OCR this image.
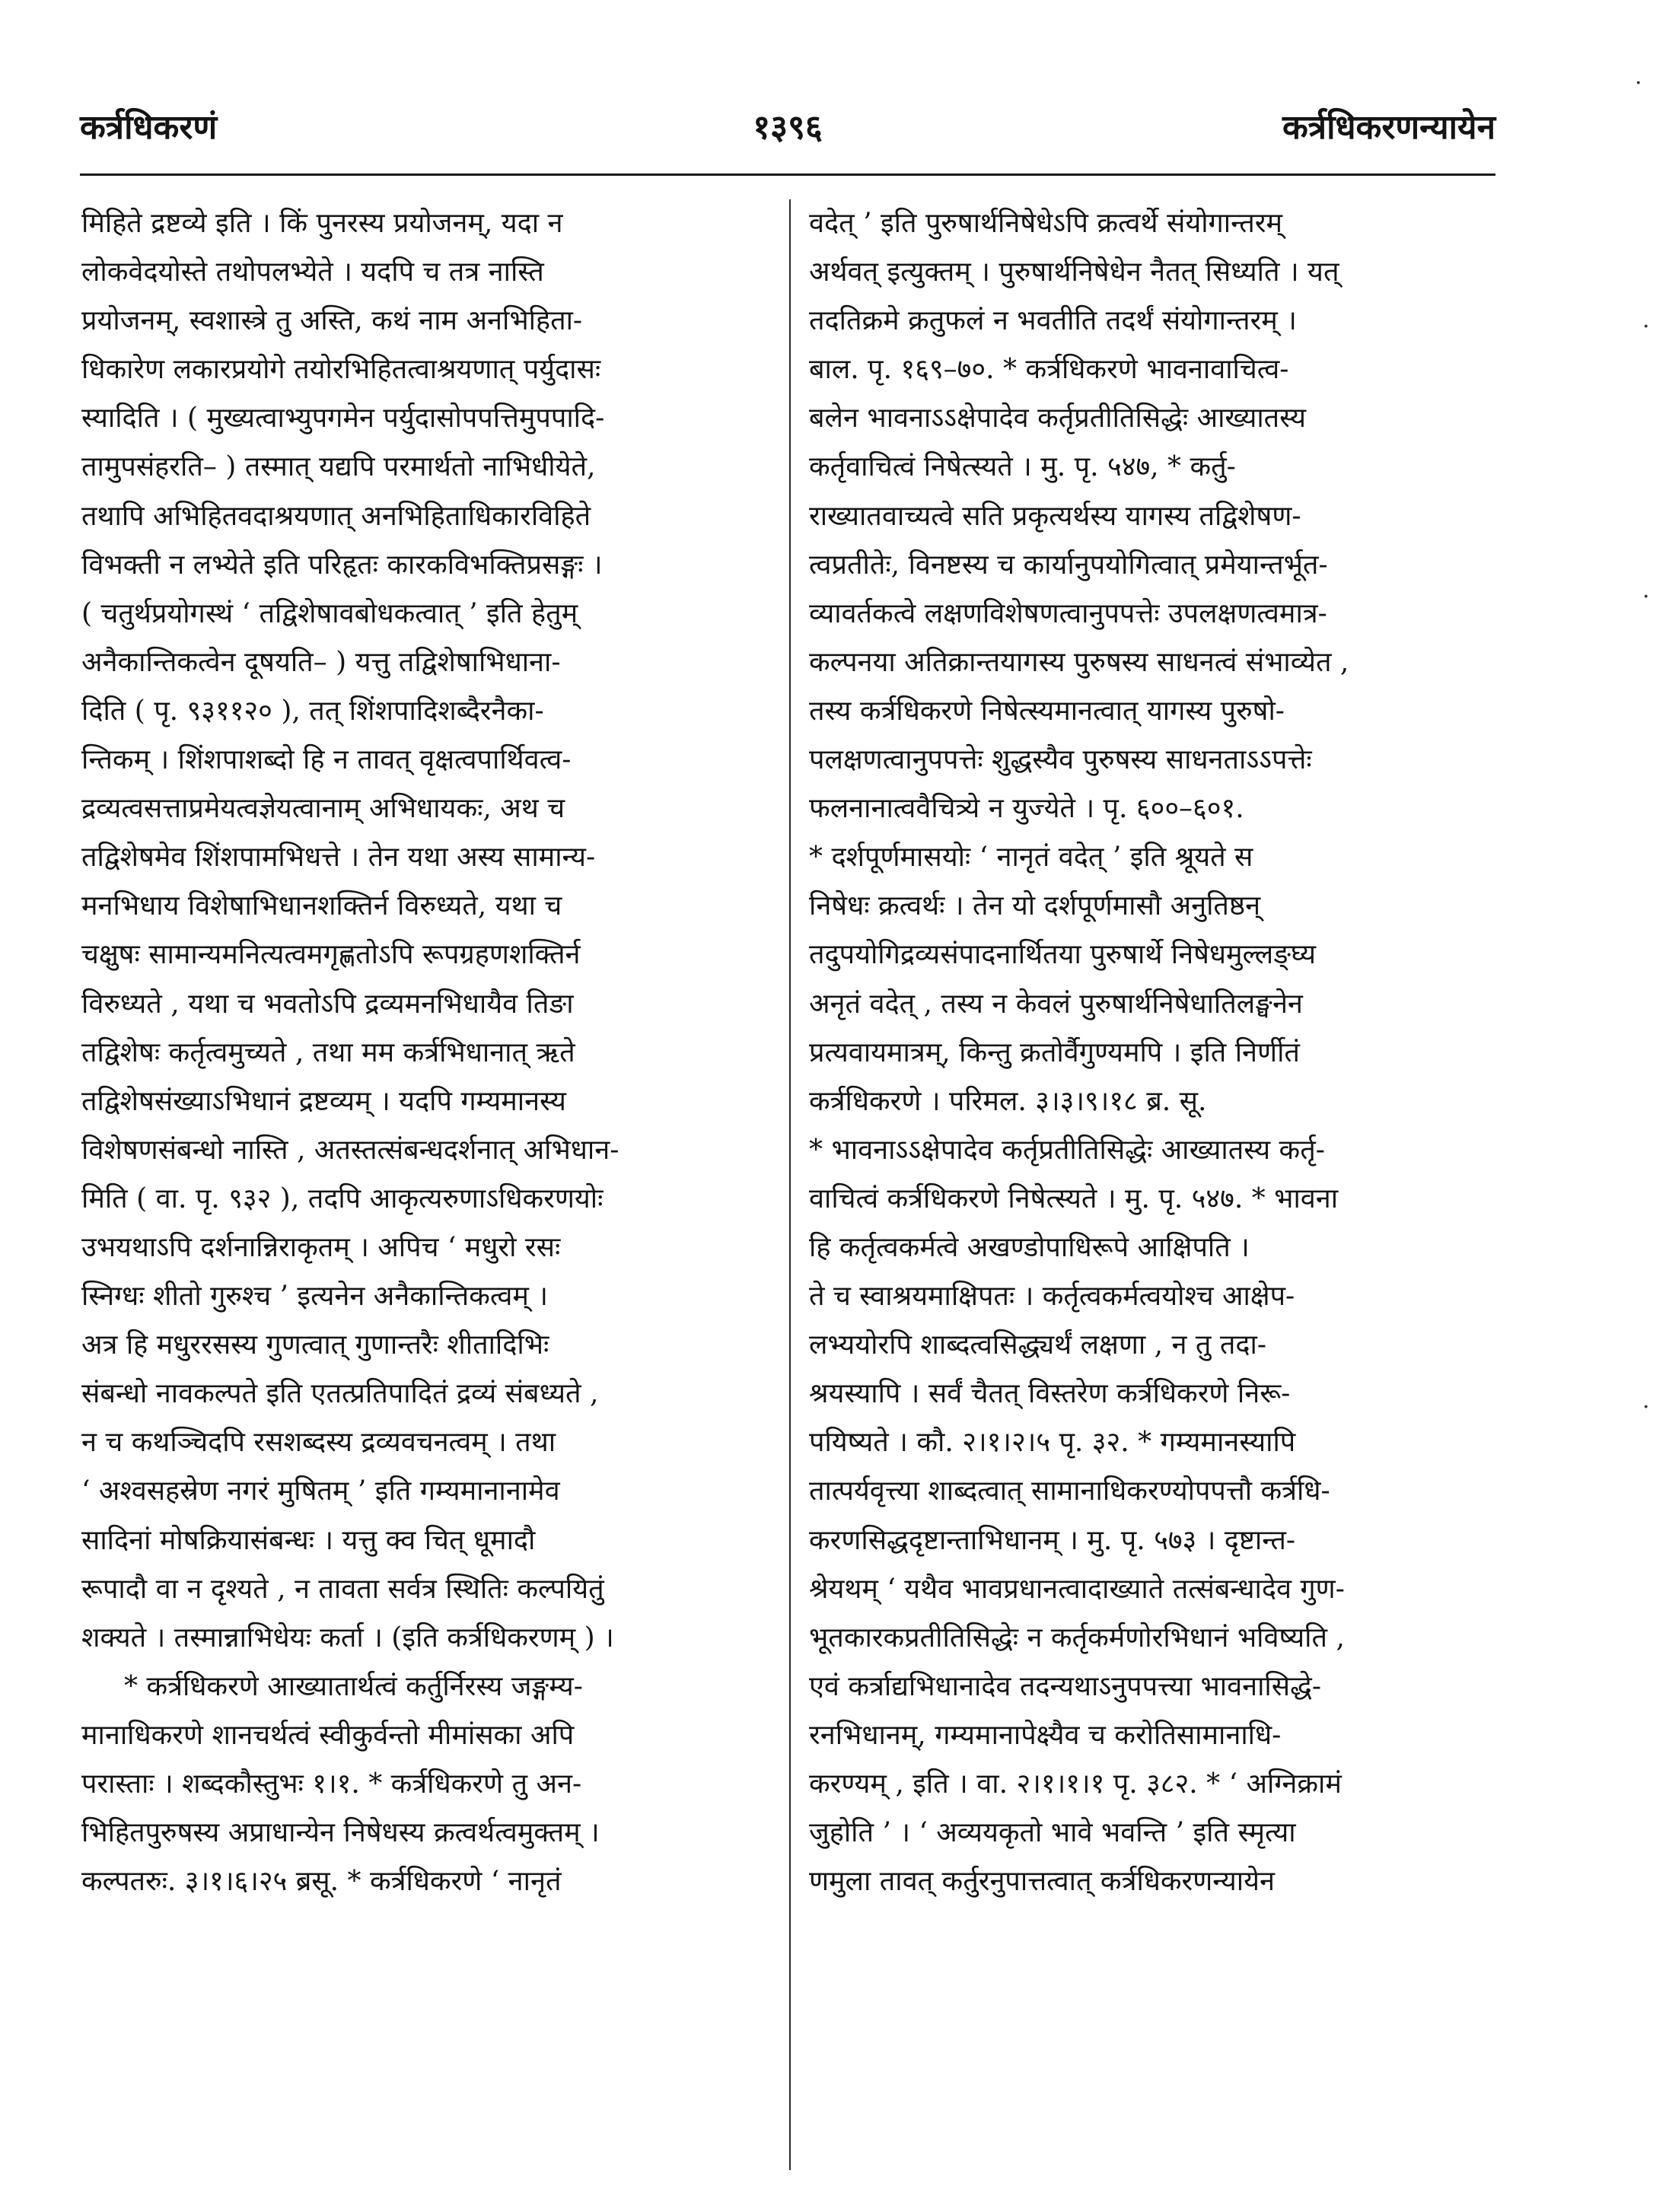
कर्त्रधिकरणं	१३९६	कर्त्रधिकरणन्यायेन
मिहिते द्रष्टव्ये इति । किं पुनरस्य प्रयोजनम्, यदा न
लोकवेदयोस्ते तथोपलभ्येते । यदपि च तत्र नास्ति
प्रयोजनम्, स्वशास्त्रे तु अस्ति, कथं नाम अनभिहिता-
धिकारेण लकारप्रयोगे तयोरभिहितत्वाश्रयणात् पर्युदासः
स्यादिति । ( मुख्यत्वाभ्युपगमेन पर्युदासोपपत्तिमुपपादि-
तामुपसंहरति– ) तस्मात् यद्यपि परमार्थतो नाभिधीयेते,
तथापि अभिहितवदाश्रयणात् अनभिहिताधिकारविहिते
विभक्ती न लभ्येते इति परिहृतः कारकविभक्तिप्रसङ्गः ।
( चतुर्थप्रयोगस्थं ‘ तद्विशेषावबोधकत्वात् ’ इति हेतुम्
अनैकान्तिकत्वेन दूषयति– ) यत्तु तद्विशेषाभिधाना-
दिति ( पृ. ९३११२० ), तत् शिंशपादिशब्दैरनैका-
न्तिकम् । शिंशपाशब्दो हि न तावत् वृक्षत्वपार्थिवत्व-
द्रव्यत्वसत्ताप्रमेयत्वज्ञेयत्वानाम् अभिधायकः, अथ च
तद्विशेषमेव शिंशपामभिधत्ते । तेन यथा अस्य सामान्य-
मनभिधाय विशेषाभिधानशक्तिर्न विरुध्यते, यथा च
चक्षुषः सामान्यमनित्यत्वमगृह्णतोऽपि रूपग्रहणशक्तिर्न
विरुध्यते , यथा च भवतोऽपि द्रव्यमनभिधायैव तिङा
तद्विशेषः कर्तृत्वमुच्यते , तथा मम कर्त्रभिधानात् ऋते
तद्विशेषसंख्याऽभिधानं द्रष्टव्यम् । यदपि गम्यमानस्य
विशेषणसंबन्धो नास्ति , अतस्तत्संबन्धदर्शनात् अभिधान-
मिति ( वा. पृ. ९३२ ), तदपि आकृत्यरुणाऽधिकरणयोः
उभयथाऽपि दर्शनान्निराकृतम् । अपिच ‘ मधुरो रसः
स्निग्धः शीतो गुरुश्च ’ इत्यनेन अनैकान्तिकत्वम् ।
अत्र हि मधुररसस्य गुणत्वात् गुणान्तरैः शीतादिभिः
संबन्धो नावकल्पते इति एतत्प्रतिपादितं द्रव्यं संबध्यते ,
न च कथञ्चिदपि रसशब्दस्य द्रव्यवचनत्वम् । तथा
‘ अश्वसहस्रेण नगरं मुषितम् ’ इति गम्यमानानामेव
सादिनां मोषक्रियासंबन्धः । यत्तु क्व चित् धूमादौ
रूपादौ वा न दृश्यते , न तावता सर्वत्र स्थितिः कल्पयितुं
शक्यते । तस्मान्नाभिधेयः कर्ता । (इति कर्त्रधिकरणम् ) ।
* कर्त्रधिकरणे आख्यातार्थत्वं कर्तुर्निरस्य जङ्गम्य-
मानाधिकरणे शानचर्थत्वं स्वीकुर्वन्तो मीमांसका अपि
परास्ताः । शब्दकौस्तुभः १।१. * कर्त्रधिकरणे तु अन-
भिहितपुरुषस्य अप्राधान्येन निषेधस्य क्रत्वर्थत्वमुक्तम् ।
कल्पतरुः. ३।१।६।२५ ब्रसू. * कर्त्रधिकरणे ‘ नानृतं
वदेत् ’ इति पुरुषार्थनिषेधेऽपि क्रत्वर्थे संयोगान्तरम्
अर्थवत् इत्युक्तम् । पुरुषार्थनिषेधेन नैतत् सिध्यति । यत्
तदतिक्रमे क्रतुफलं न भवतीति तदर्थं संयोगान्तरम् ।
बाल. पृ. १६९–७०. * कर्त्रधिकरणे भावनावाचित्व-
बलेन भावनाऽऽक्षेपादेव कर्तृप्रतीतिसिद्धेः आख्यातस्य
कर्तृवाचित्वं निषेत्स्यते । मु. पृ. ५४७, * कर्तु-
राख्यातवाच्यत्वे सति प्रकृत्यर्थस्य यागस्य तद्विशेषण-
त्वप्रतीतेः, विनष्टस्य च कार्यानुपयोगित्वात् प्रमेयान्तर्भूत-
व्यावर्तकत्वे लक्षणविशेषणत्वानुपपत्तेः उपलक्षणत्वमात्र-
कल्पनया अतिक्रान्तयागस्य पुरुषस्य साधनत्वं संभाव्येत ,
तस्य कर्त्रधिकरणे निषेत्स्यमानत्वात् यागस्य पुरुषो-
पलक्षणत्वानुपपत्तेः शुद्धस्यैव पुरुषस्य साधनताऽऽपत्तेः
फलनानात्ववैचित्र्ये न युज्येते । पृ. ६००–६०१.
* दर्शपूर्णमासयोः ‘ नानृतं वदेत् ’ इति श्रूयते स
निषेधः क्रत्वर्थः । तेन यो दर्शपूर्णमासौ अनुतिष्ठन्
तदुपयोगिद्रव्यसंपादनार्थितया पुरुषार्थे निषेधमुल्लङ्घ्य
अनृतं वदेत् , तस्य न केवलं पुरुषार्थनिषेधातिलङ्घनेन
प्रत्यवायमात्रम्, किन्तु क्रतोर्वैगुण्यमपि । इति निर्णीतं
कर्त्रधिकरणे । परिमल. ३।३।९।१८ ब्र. सू.
* भावनाऽऽक्षेपादेव कर्तृप्रतीतिसिद्धेः आख्यातस्य कर्तृ-
वाचित्वं कर्त्रधिकरणे निषेत्स्यते । मु. पृ. ५४७. * भावना
हि कर्तृत्वकर्मत्वे अखण्डोपाधिरूपे आक्षिपति ।
ते च स्वाश्रयमाक्षिपतः । कर्तृत्वकर्मत्वयोश्च आक्षेप-
लभ्ययोरपि शाब्दत्वसिद्ध्यर्थं लक्षणा , न तु तदा-
श्रयस्यापि । सर्वं चैतत् विस्तरेण कर्त्रधिकरणे निरू-
पयिष्यते । कौ. २।१।२।५ पृ. ३२. * गम्यमानस्यापि
तात्पर्यवृत्त्या शाब्दत्वात् सामानाधिकरण्योपपत्तौ कर्त्रधि-
करणसिद्धदृष्टान्ताभिधानम् । मु. पृ. ५७३ । दृष्टान्त-
श्रेयथम् ‘ यथैव भावप्रधानत्वादाख्याते तत्संबन्धादेव गुण-
भूतकारकप्रतीतिसिद्धेः न कर्तृकर्मणोरभिधानं भविष्यति ,
एवं कर्त्राद्यभिधानादेव तदन्यथाऽनुपपत्त्या भावनासिद्धे-
रनभिधानम्, गम्यमानापेक्ष्यैव च करोतिसामानाधि-
करण्यम् , इति । वा. २।१।१।१ पृ. ३८२. * ‘ अग्निक्रामं
जुहोति ’ । ‘ अव्ययकृतो भावे भवन्ति ’ इति स्मृत्या
णमुला तावत् कर्तुरनुपात्तत्वात् कर्त्रधिकरणन्यायेन
·
·
·
·
